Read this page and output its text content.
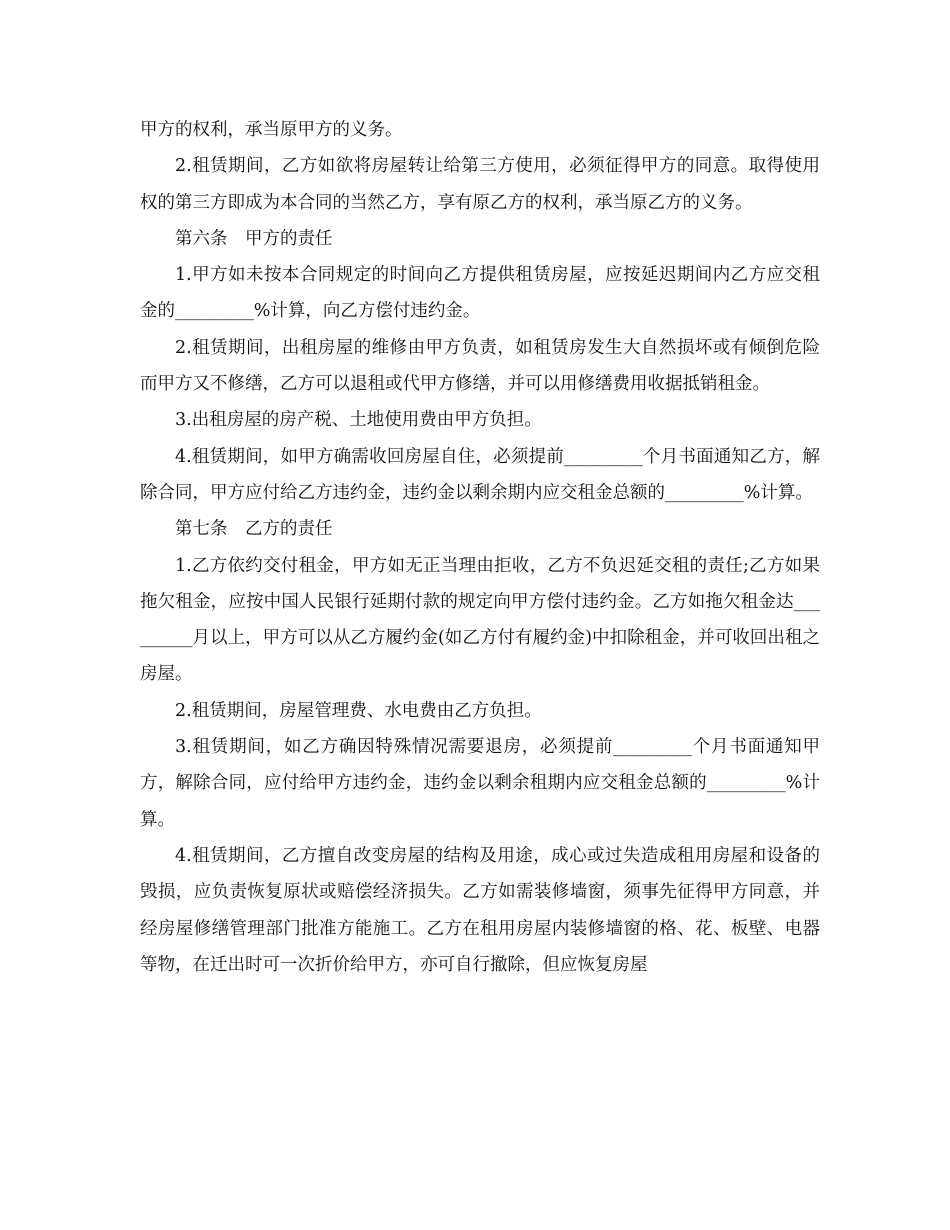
甲方的权利，承当原甲方的义务。

2.租赁期间，乙方如欲将房屋转让给第三方使用，必须征得甲方的同意。取得使用权的第三方即成为本合同的当然乙方，享有原乙方的权利，承当原乙方的义务。

第六条　甲方的责任

1.甲方如未按本合同规定的时间向乙方提供租赁房屋，应按延迟期间内乙方应交租金的_________%计算，向乙方偿付违约金。

2.租赁期间，出租房屋的维修由甲方负责，如租赁房发生大自然损坏或有倾倒危险而甲方又不修缮，乙方可以退租或代甲方修缮，并可以用修缮费用收据抵销租金。

3.出租房屋的房产税、土地使用费由甲方负担。

4.租赁期间，如甲方确需收回房屋自住，必须提前_________个月书面通知乙方，解除合同，甲方应付给乙方违约金，违约金以剩余期内应交租金总额的_________%计算。

第七条　乙方的责任

1.乙方依约交付租金，甲方如无正当理由拒收，乙方不负迟延交租的责任;乙方如果拖欠租金，应按中国人民银行延期付款的规定向甲方偿付违约金。乙方如拖欠租金达_________月以上，甲方可以从乙方履约金(如乙方付有履约金)中扣除租金，并可收回出租之房屋。

2.租赁期间，房屋管理费、水电费由乙方负担。

3.租赁期间，如乙方确因特殊情况需要退房，必须提前_________个月书面通知甲方，解除合同，应付给甲方违约金，违约金以剩余租期内应交租金总额的_________%计算。

4.租赁期间，乙方擅自改变房屋的结构及用途，成心或过失造成租用房屋和设备的毁损，应负责恢复原状或赔偿经济损失。乙方如需装修墙窗，须事先征得甲方同意，并经房屋修缮管理部门批准方能施工。乙方在租用房屋内装修墙窗的格、花、板壁、电器等物，在迁出时可一次折价给甲方，亦可自行撤除，但应恢复房屋
